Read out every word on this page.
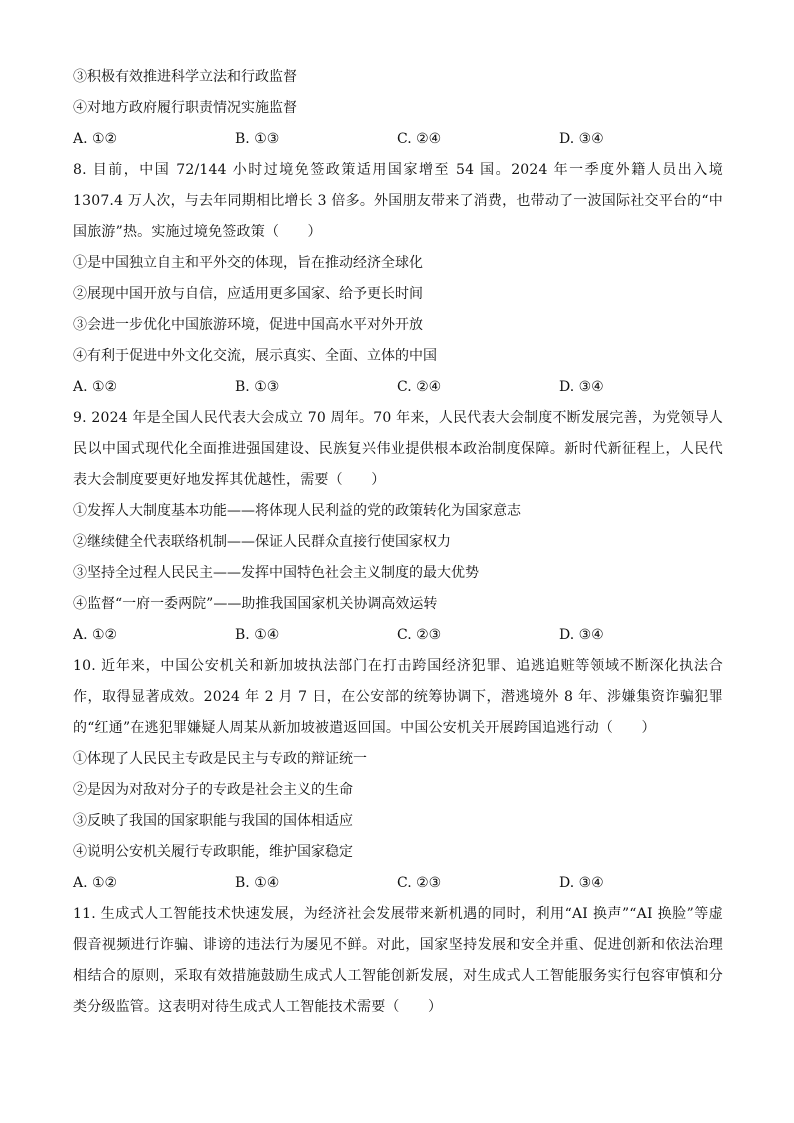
③积极有效推进科学立法和行政监督
④对地方政府履行职责情况实施监督
A. ①②	B. ①③	C. ②④	D. ③④
8. 目前，中国 72/144 小时过境免签政策适用国家增至 54 国。2024 年一季度外籍人员出入境 1307.4 万人次，与去年同期相比增长 3 倍多。外国朋友带来了消费，也带动了一波国际社交平台的“中国旅游”热。实施过境免签政策（　　）
①是中国独立自主和平外交的体现，旨在推动经济全球化
②展现中国开放与自信，应适用更多国家、给予更长时间
③会进一步优化中国旅游环境，促进中国高水平对外开放
④有利于促进中外文化交流，展示真实、全面、立体的中国
A. ①②	B. ①③	C. ②④	D. ③④
9. 2024 年是全国人民代表大会成立 70 周年。70 年来，人民代表大会制度不断发展完善，为党领导人民以中国式现代化全面推进强国建设、民族复兴伟业提供根本政治制度保障。新时代新征程上，人民代表大会制度要更好地发挥其优越性，需要（　　）
①发挥人大制度基本功能——将体现人民利益的党的政策转化为国家意志
②继续健全代表联络机制——保证人民群众直接行使国家权力
③坚持全过程人民民主——发挥中国特色社会主义制度的最大优势
④监督“一府一委两院”——助推我国国家机关协调高效运转
A. ①②	B. ①④	C. ②③	D. ③④
10. 近年来，中国公安机关和新加坡执法部门在打击跨国经济犯罪、追逃追赃等领域不断深化执法合作，取得显著成效。2024 年 2 月 7 日，在公安部的统筹协调下，潜逃境外 8 年、涉嫌集资诈骗犯罪的“红通”在逃犯罪嫌疑人周某从新加坡被遣返回国。中国公安机关开展跨国追逃行动（　　）
①体现了人民民主专政是民主与专政的辩证统一
②是因为对敌对分子的专政是社会主义的生命
③反映了我国的国家职能与我国的国体相适应
④说明公安机关履行专政职能，维护国家稳定
A. ①②	B. ①④	C. ②③	D. ③④
11. 生成式人工智能技术快速发展，为经济社会发展带来新机遇的同时，利用“AI 换声”“AI 换脸”等虚假音视频进行诈骗、诽谤的违法行为屡见不鲜。对此，国家坚持发展和安全并重、促进创新和依法治理相结合的原则，采取有效措施鼓励生成式人工智能创新发展，对生成式人工智能服务实行包容审慎和分类分级监管。这表明对待生成式人工智能技术需要（　　）
